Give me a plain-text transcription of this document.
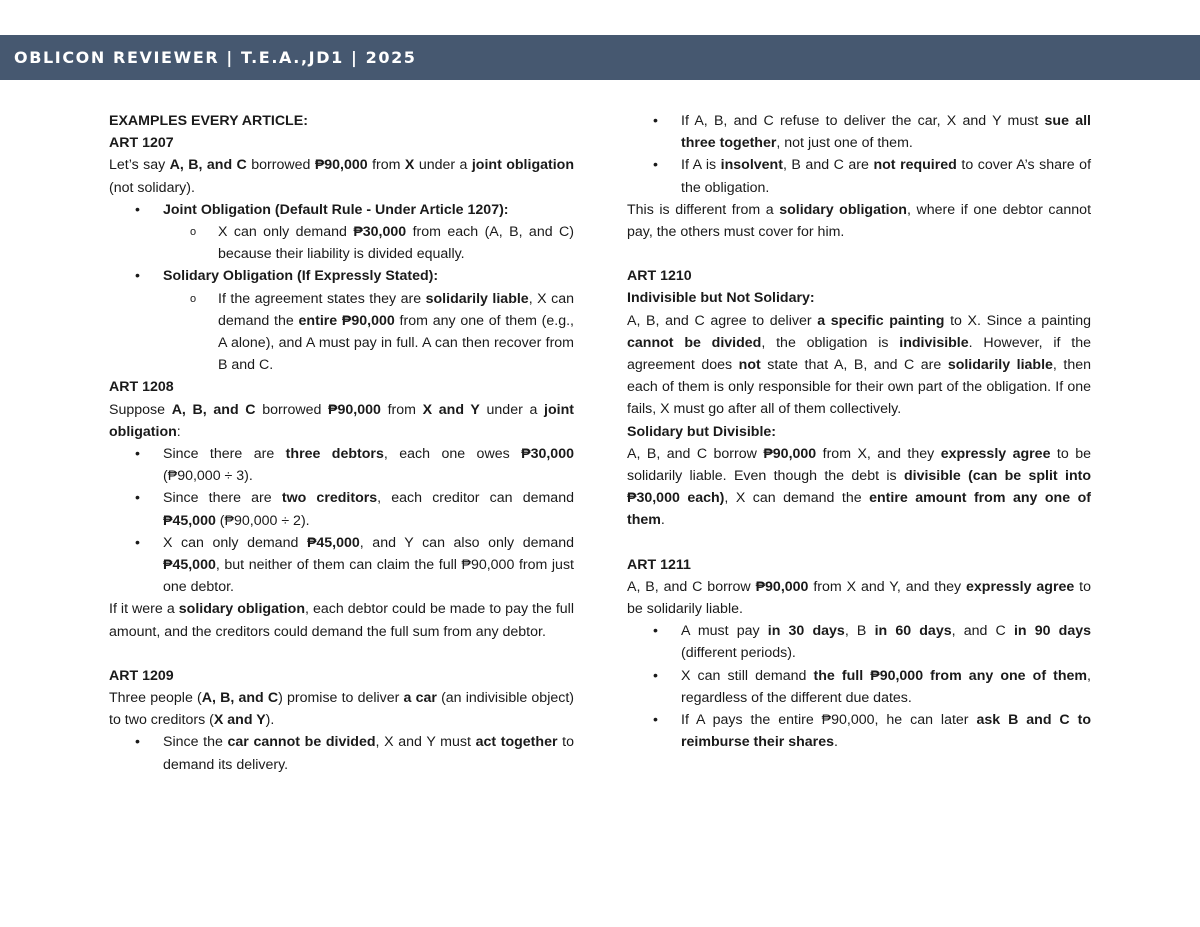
OBLICON REVIEWER | T.E.A.,JD1 | 2025

EXAMPLES EVERY ARTICLE:

ART 1207

Let’s say A, B, and C borrowed ₱90,000 from X under a joint obligation (not solidary).

• Joint Obligation (Default Rule - Under Article 1207):
o X can only demand ₱30,000 from each (A, B, and C) because their liability is divided equally.
• Solidary Obligation (If Expressly Stated):
o If the agreement states they are solidarily liable, X can demand the entire ₱90,000 from any one of them (e.g., A alone), and A must pay in full. A can then recover from B and C.

ART 1208

Suppose A, B, and C borrowed ₱90,000 from X and Y under a joint obligation:

• Since there are three debtors, each one owes ₱30,000 (₱90,000 ÷ 3).
• Since there are two creditors, each creditor can demand ₱45,000 (₱90,000 ÷ 2).
• X can only demand ₱45,000, and Y can also only demand ₱45,000, but neither of them can claim the full ₱90,000 from just one debtor.

If it were a solidary obligation, each debtor could be made to pay the full amount, and the creditors could demand the full sum from any debtor.

ART 1209

Three people (A, B, and C) promise to deliver a car (an indivisible object) to two creditors (X and Y).

• Since the car cannot be divided, X and Y must act together to demand its delivery.
• If A, B, and C refuse to deliver the car, X and Y must sue all three together, not just one of them.
• If A is insolvent, B and C are not required to cover A’s share of the obligation.

This is different from a solidary obligation, where if one debtor cannot pay, the others must cover for him.

ART 1210

Indivisible but Not Solidary:

A, B, and C agree to deliver a specific painting to X. Since a painting cannot be divided, the obligation is indivisible. However, if the agreement does not state that A, B, and C are solidarily liable, then each of them is only responsible for their own part of the obligation. If one fails, X must go after all of them collectively.

Solidary but Divisible:

A, B, and C borrow ₱90,000 from X, and they expressly agree to be solidarily liable. Even though the debt is divisible (can be split into ₱30,000 each), X can demand the entire amount from any one of them.

ART 1211

A, B, and C borrow ₱90,000 from X and Y, and they expressly agree to be solidarily liable.

• A must pay in 30 days, B in 60 days, and C in 90 days (different periods).
• X can still demand the full ₱90,000 from any one of them, regardless of the different due dates.
• If A pays the entire ₱90,000, he can later ask B and C to reimburse their shares.
